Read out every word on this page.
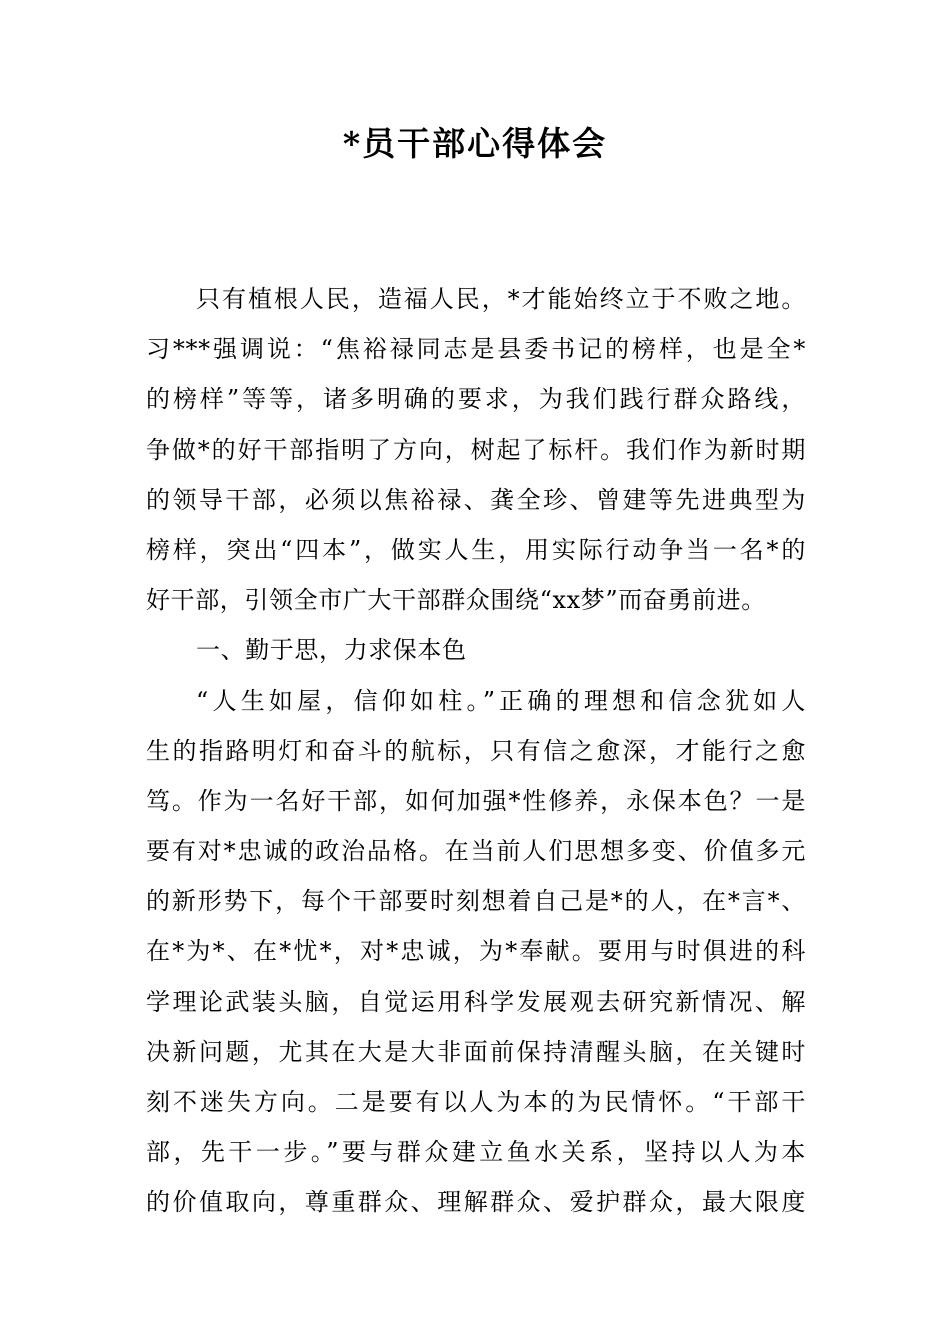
*员干部心得体会
只有植根人民，造福人民，*才能始终立于不败之地。
习***强调说：“焦裕禄同志是县委书记的榜样，也是全*
的榜样”等等，诸多明确的要求，为我们践行群众路线，
争做*的好干部指明了方向，树起了标杆。我们作为新时期
的领导干部，必须以焦裕禄、龚全珍、曾建等先进典型为
榜样，突出“四本”，做实人生，用实际行动争当一名*的
好干部，引领全市广大干部群众围绕“xx梦”而奋勇前进。
一、勤于思，力求保本色
“人生如屋，信仰如柱。”正确的理想和信念犹如人
生的指路明灯和奋斗的航标，只有信之愈深，才能行之愈
笃。作为一名好干部，如何加强*性修养，永保本色？一是
要有对*忠诚的政治品格。在当前人们思想多变、价值多元
的新形势下，每个干部要时刻想着自己是*的人，在*言*、
在*为*、在*忧*，对*忠诚，为*奉献。要用与时俱进的科
学理论武装头脑，自觉运用科学发展观去研究新情况、解
决新问题，尤其在大是大非面前保持清醒头脑，在关键时
刻不迷失方向。二是要有以人为本的为民情怀。“干部干
部，先干一步。”要与群众建立鱼水关系，坚持以人为本
的价值取向，尊重群众、理解群众、爱护群众，最大限度
